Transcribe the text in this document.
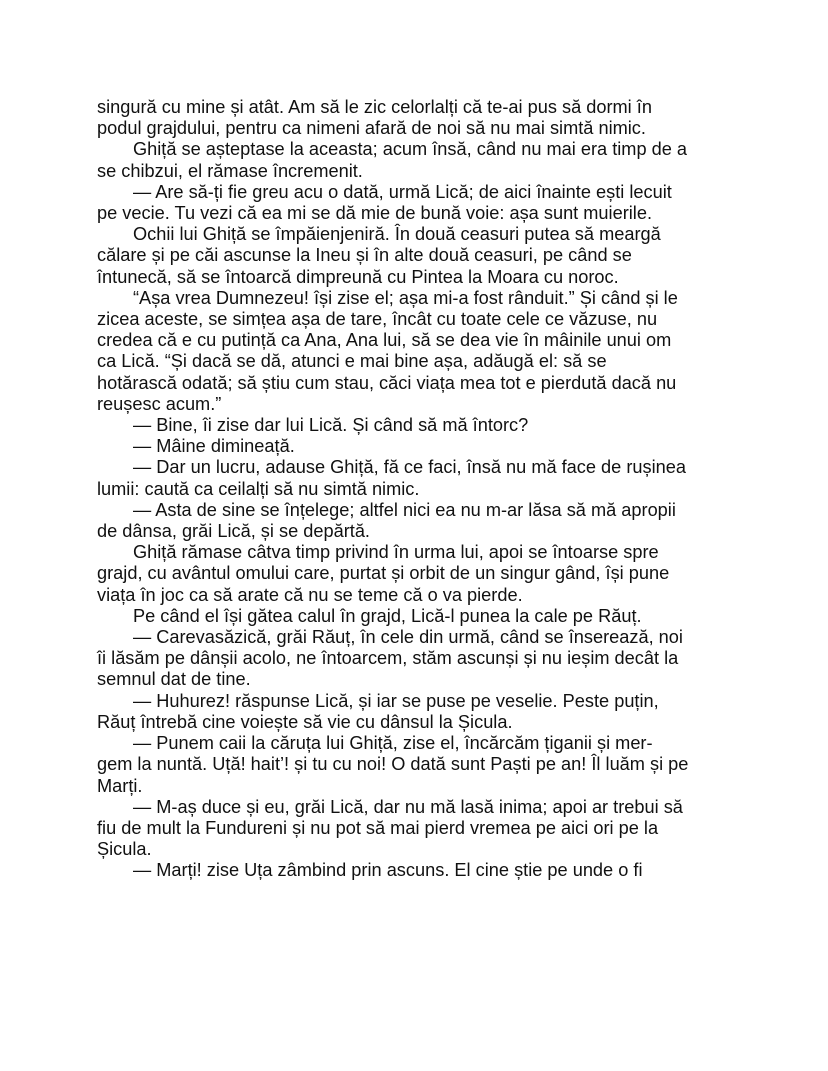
singură cu mine și atât. Am să le zic celorlalți că te-ai pus să dormi în
podul grajdului, pentru ca nimeni afară de noi să nu mai simtă nimic.
Ghiță se așteptase la aceasta; acum însă, când nu mai era timp de a
se chibzui, el rămase încremenit.
— Are să-ți fie greu acu o dată, urmă Lică; de aici înainte ești lecuit
pe vecie. Tu vezi că ea mi se dă mie de bună voie: așa sunt muierile.
Ochii lui Ghiță se împăienjeniră. În două ceasuri putea să meargă
călare și pe căi ascunse la Ineu și în alte două ceasuri, pe când se
întunecă, să se întoarcă dimpreună cu Pintea la Moara cu noroc.
“Așa vrea Dumnezeu! își zise el; așa mi-a fost rânduit.” Și când și le
zicea aceste, se simțea așa de tare, încât cu toate cele ce văzuse, nu
credea că e cu putință ca Ana, Ana lui, să se dea vie în mâinile unui om
ca Lică. “Și dacă se dă, atunci e mai bine așa, adăugă el: să se
hotărască odată; să știu cum stau, căci viața mea tot e pierdută dacă nu
reușesc acum.”
— Bine, îi zise dar lui Lică. Și când să mă întorc?
— Mâine dimineață.
— Dar un lucru, adause Ghiță, fă ce faci, însă nu mă face de rușinea
lumii: caută ca ceilalți să nu simtă nimic.
— Asta de sine se înțelege; altfel nici ea nu m-ar lăsa să mă apropii
de dânsa, grăi Lică, și se depărtă.
Ghiță rămase câtva timp privind în urma lui, apoi se întoarse spre
grajd, cu avântul omului care, purtat și orbit de un singur gând, își pune
viața în joc ca să arate că nu se teme că o va pierde.
Pe când el își gătea calul în grajd, Lică-l punea la cale pe Răuț.
— Carevasăzică, grăi Răuț, în cele din urmă, când se înserează, noi
îi lăsăm pe dânșii acolo, ne întoarcem, stăm ascunși și nu ieșim decât la
semnul dat de tine.
— Huhurez! răspunse Lică, și iar se puse pe veselie. Peste puțin,
Răuț întrebă cine voiește să vie cu dânsul la Șicula.
— Punem caii la căruța lui Ghiță, zise el, încărcăm țiganii și mer-
gem la nuntă. Uță! hait’! și tu cu noi! O dată sunt Paști pe an! Îl luăm și pe
Marți.
— M-aș duce și eu, grăi Lică, dar nu mă lasă inima; apoi ar trebui să
fiu de mult la Fundureni și nu pot să mai pierd vremea pe aici ori pe la
Șicula.
— Marți! zise Uța zâmbind prin ascuns. El cine știe pe unde o fi
